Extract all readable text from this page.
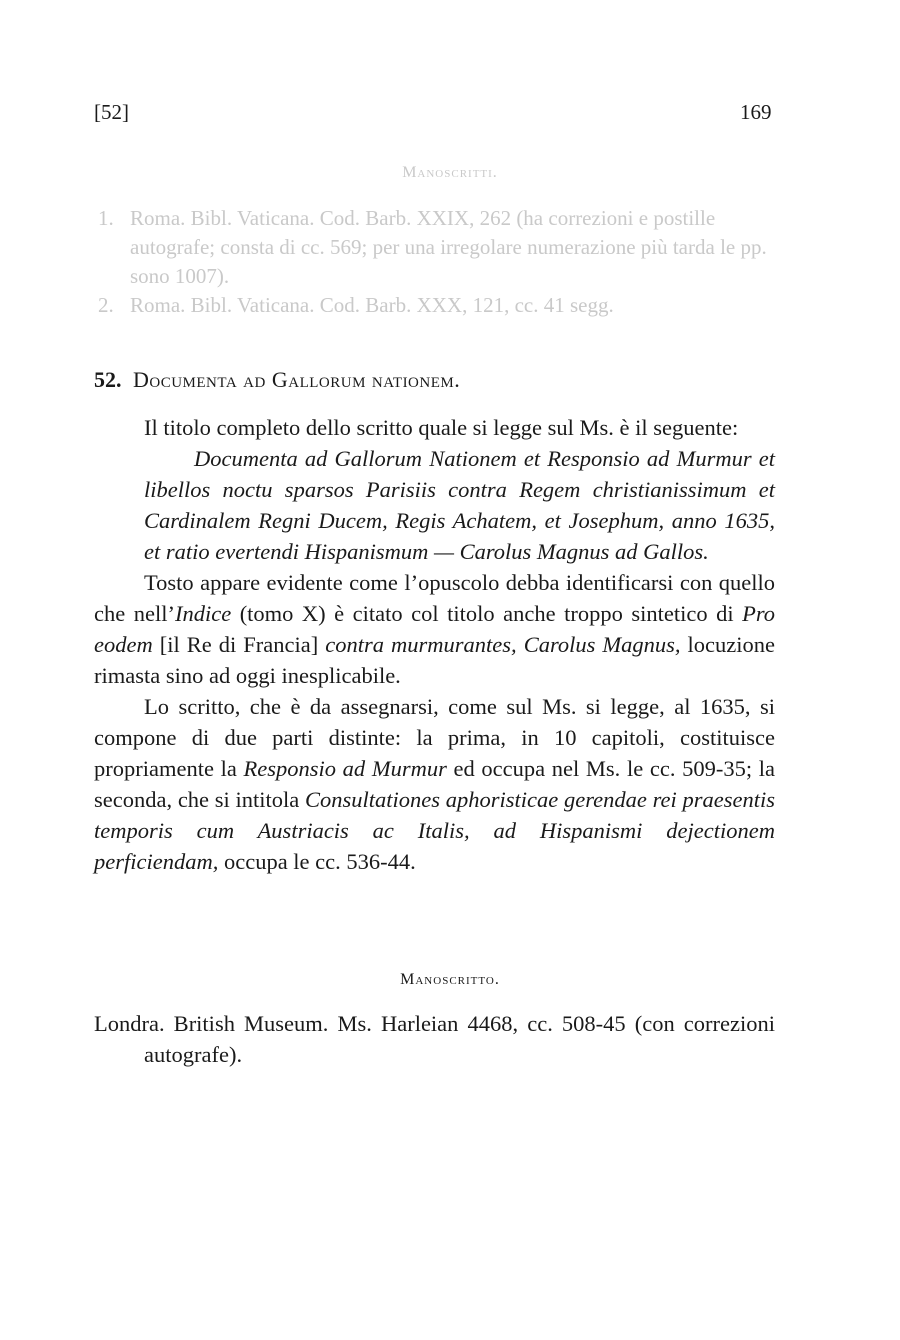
[52]	169
Manoscritti.
1. Roma. Bibl. Vaticana. Cod. Barb. XXIX, 262 (ha correzioni e postille autografe; consta di cc. 569; per una irregolare numerazione più tarda le pp. sono 1007).
2. Roma. Bibl. Vaticana. Cod. Barb. XXX, 121, cc. 41 segg.
52. Documenta ad Gallorum nationem.

Il titolo completo dello scritto quale si legge sul Ms. è il seguente:

Documenta ad Gallorum Nationem et Responsio ad Murmur et libellos noctu sparsos Parisiis contra Regem christianissimum et Cardinalem Regni Ducem, Regis Achatem, et Josephum, anno 1635, et ratio evertendi Hispanismum — Carolus Magnus ad Gallos.

Tosto appare evidente come l’opuscolo debba identificarsi con quello che nell’Indice (tomo X) è citato col titolo anche troppo sintetico di Pro eodem [il Re di Francia] contra murmurantes, Carolus Magnus, locuzione rimasta sino ad oggi inesplicabile.

Lo scritto, che è da assegnarsi, come sul Ms. si legge, al 1635, si compone di due parti distinte: la prima, in 10 capitoli, costituisce propriamente la Responsio ad Murmur ed occupa nel Ms. le cc. 509-35; la seconda, che si intitola Consultationes aphoristicae gerendae rei praesentis temporis cum Austriacis ac Italis, ad Hispanismi dejectionem perficiendam, occupa le cc. 536-44.

Manoscritto.
Londra. British Museum. Ms. Harleian 4468, cc. 508-45 (con correzioni autografe).
